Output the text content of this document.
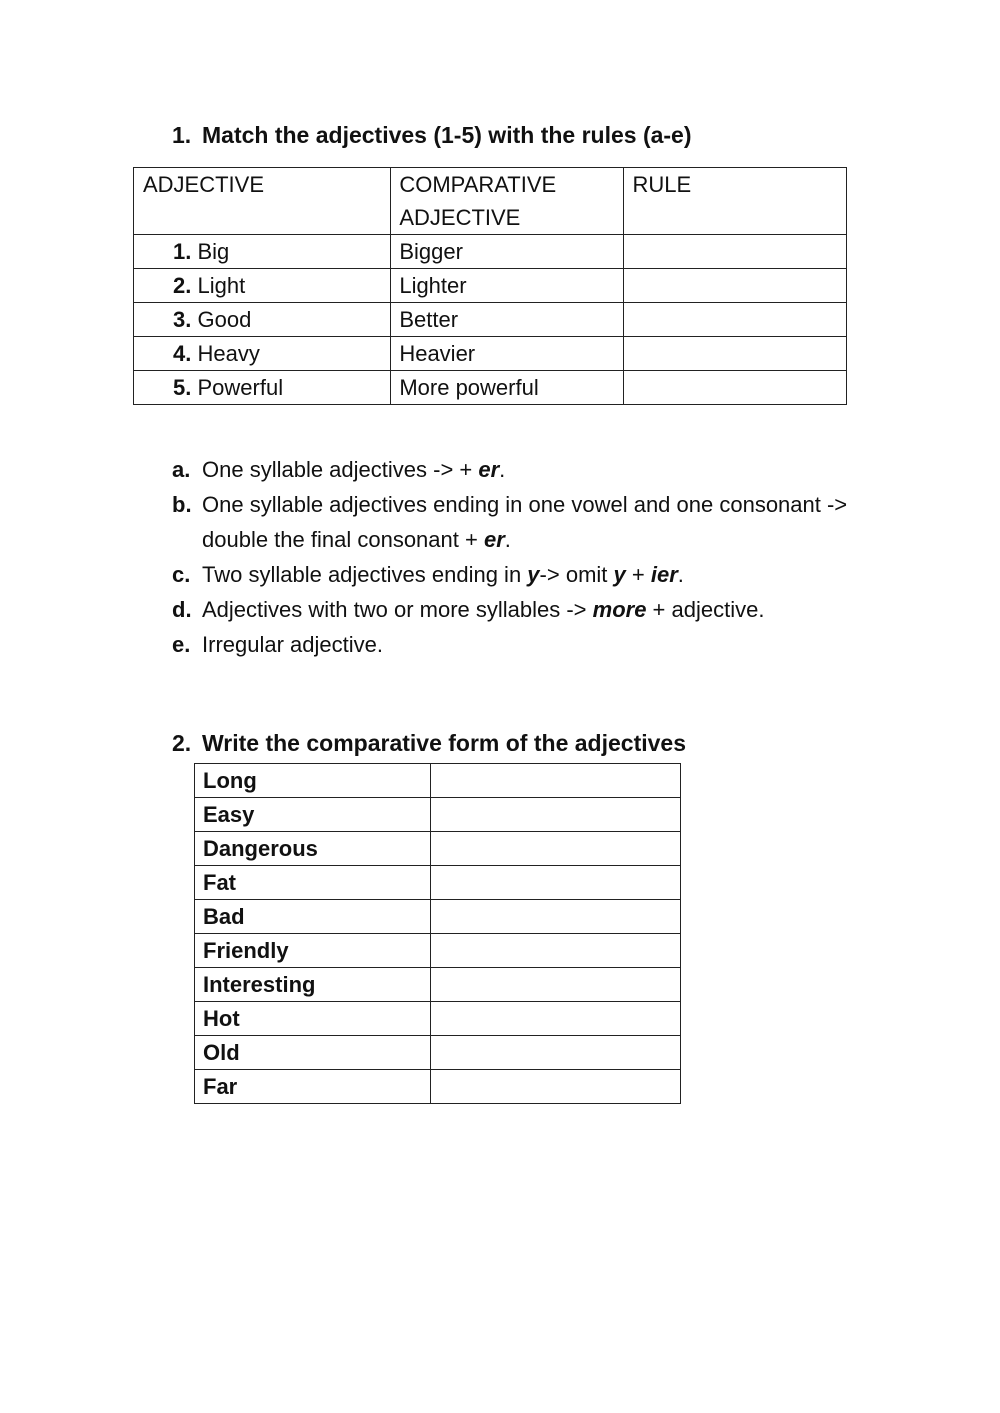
1. Match the adjectives (1-5) with the rules (a-e)
ADJECTIVE	COMPARATIVE ADJECTIVE	RULE
1. Big	Bigger	
2. Light	Lighter	
3. Good	Better	
4. Heavy	Heavier	
5. Powerful	More powerful	
a. One syllable adjectives -> + er.
b. One syllable adjectives ending in one vowel and one consonant -> double the final consonant + er.
c. Two syllable adjectives ending in y-> omit y + ier.
d. Adjectives with two or more syllables -> more + adjective.
e. Irregular adjective.
2. Write the comparative form of the adjectives
Long	
Easy	
Dangerous	
Fat	
Bad	
Friendly	
Interesting	
Hot	
Old	
Far	
